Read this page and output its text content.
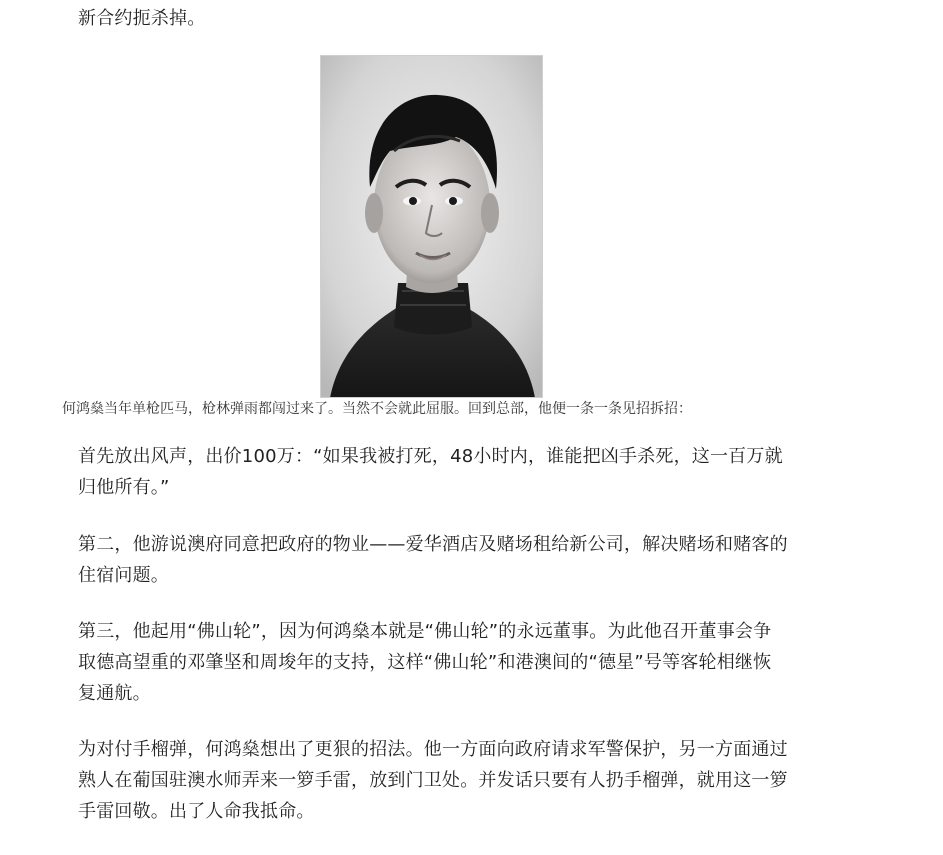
新合约扼杀掉。

何鸿燊当年单枪匹马，枪林弹雨都闯过来了。当然不会就此屈服。回到总部，他便一条一条见招拆招：

首先放出风声，出价100万：“如果我被打死，48小时内，谁能把凶手杀死，这一百万就归他所有。”

第二，他游说澳府同意把政府的物业——爱华酒店及赌场租给新公司，解决赌场和赌客的住宿问题。

第三，他起用“佛山轮”，因为何鸿燊本就是“佛山轮”的永远董事。为此他召开董事会争取德高望重的邓肇坚和周埈年的支持，这样“佛山轮”和港澳间的“德星”号等客轮相继恢复通航。

为对付手榴弹，何鸿燊想出了更狠的招法。他一方面向政府请求军警保护，另一方面通过熟人在葡国驻澳水师弄来一箩手雷，放到门卫处。并发话只要有人扔手榴弹，就用这一箩手雷回敬。出了人命我抵命。
